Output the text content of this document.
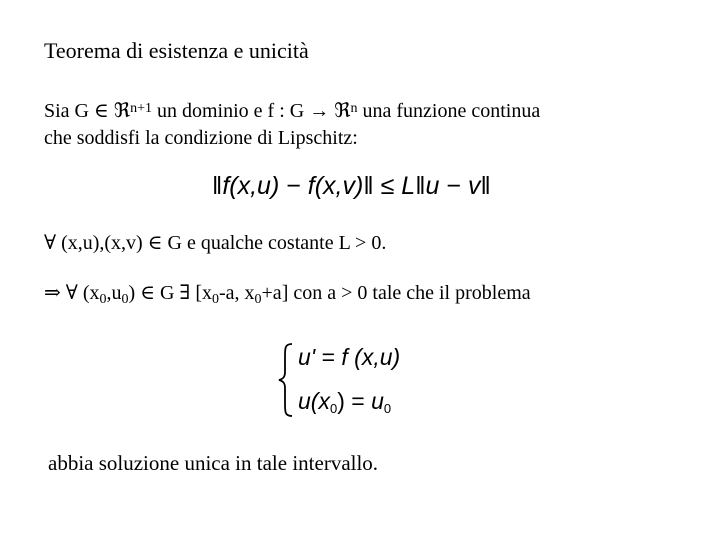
Teorema di esistenza e unicità
Sia G ∈ ℜ$^{n+1}$ un dominio e f : G → ℜ$^n$ una funzione continua
che soddisfi la condizione di Lipschitz:
‖f(x,u) − f(x,v)‖ ≤ L‖u − v‖
∀ (x,u),(x,v) ∈ G e qualche costante L > 0.
⇒ ∀ $(x_0,u_0)$ ∈ G ∃ [$x_0-a$, $x_0+a$] con a > 0 tale che il problema
u' = f (x,u)
u(x0) = u0
abbia soluzione unica in tale intervallo.
